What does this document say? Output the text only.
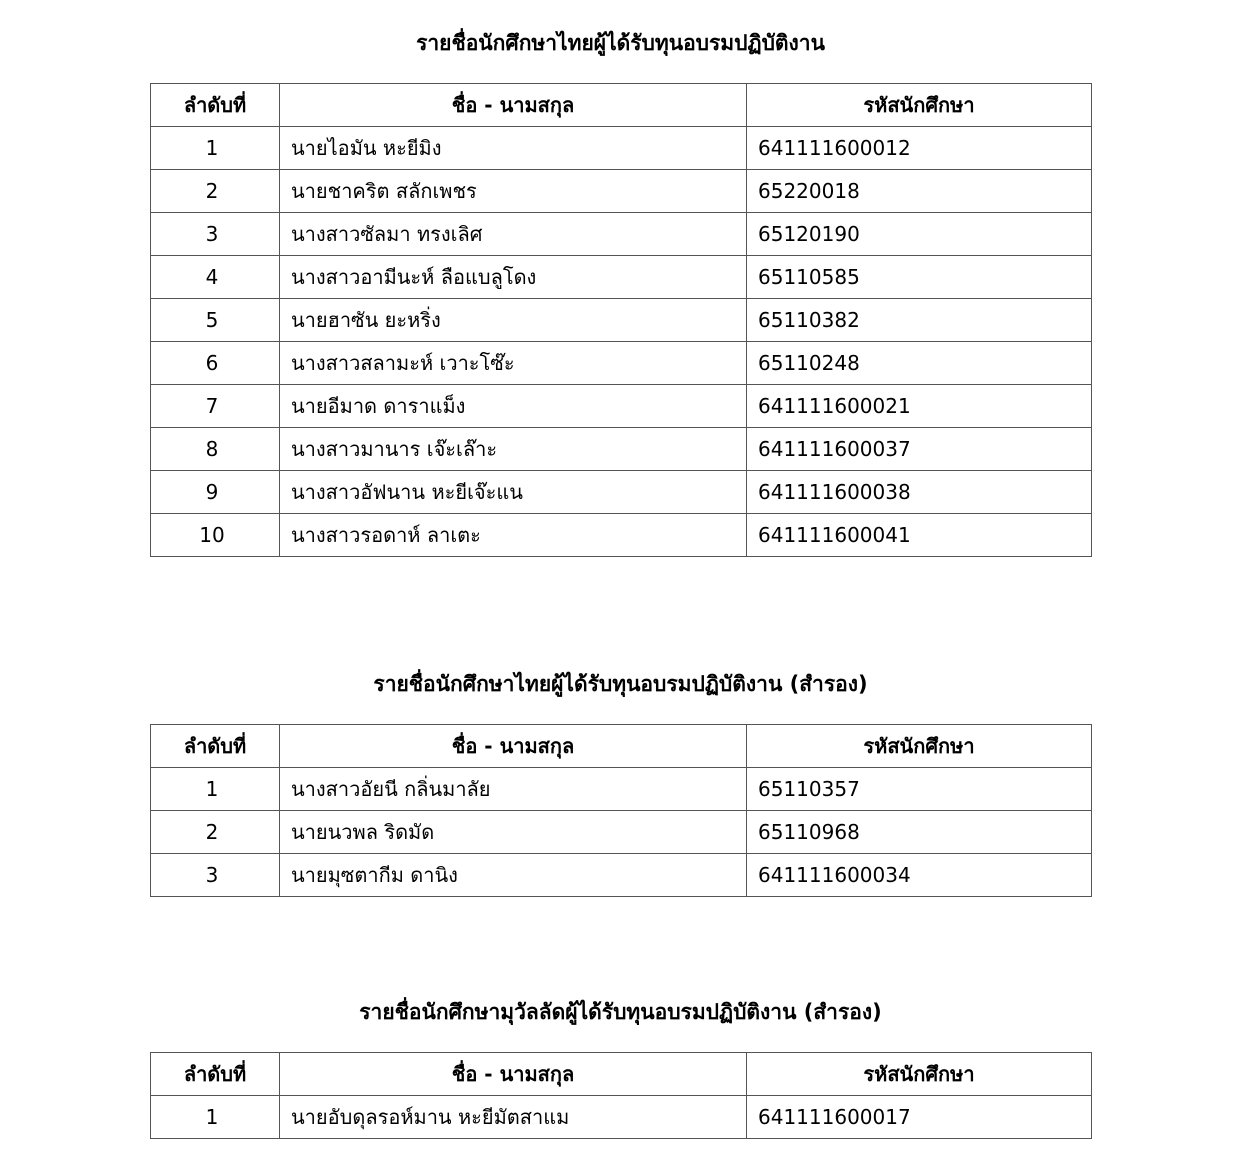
รายชื่อนักศึกษาไทยผู้ได้รับทุนอบรมปฏิบัติงาน
ลำดับที่	ชื่อ - นามสกุล	รหัสนักศึกษา
1	นายไอมัน หะยีมิง	641111600012
2	นายชาคริต สลักเพชร	65220018
3	นางสาวซัลมา ทรงเลิศ	65120190
4	นางสาวอามีนะห์ ลือแบลูโดง	65110585
5	นายฮาซัน ยะหริ่ง	65110382
6	นางสาวสลามะห์ เวาะโซ๊ะ	65110248
7	นายอีมาด ดาราแม็ง	641111600021
8	นางสาวมานาร เจ๊ะเล๊าะ	641111600037
9	นางสาวอัฟนาน หะยีเจ๊ะแน	641111600038
10	นางสาวรอดาห์ ลาเตะ	641111600041
รายชื่อนักศึกษาไทยผู้ได้รับทุนอบรมปฏิบัติงาน (สำรอง)
ลำดับที่	ชื่อ - นามสกุล	รหัสนักศึกษา
1	นางสาวอัยนี กลิ่นมาลัย	65110357
2	นายนวพล ริดมัด	65110968
3	นายมุซตากีม ดานิง	641111600034
รายชื่อนักศึกษามุวัลลัดผู้ได้รับทุนอบรมปฏิบัติงาน (สำรอง)
ลำดับที่	ชื่อ - นามสกุล	รหัสนักศึกษา
1	นายอับดุลรอห์มาน หะยีมัตสาแม	641111600017
